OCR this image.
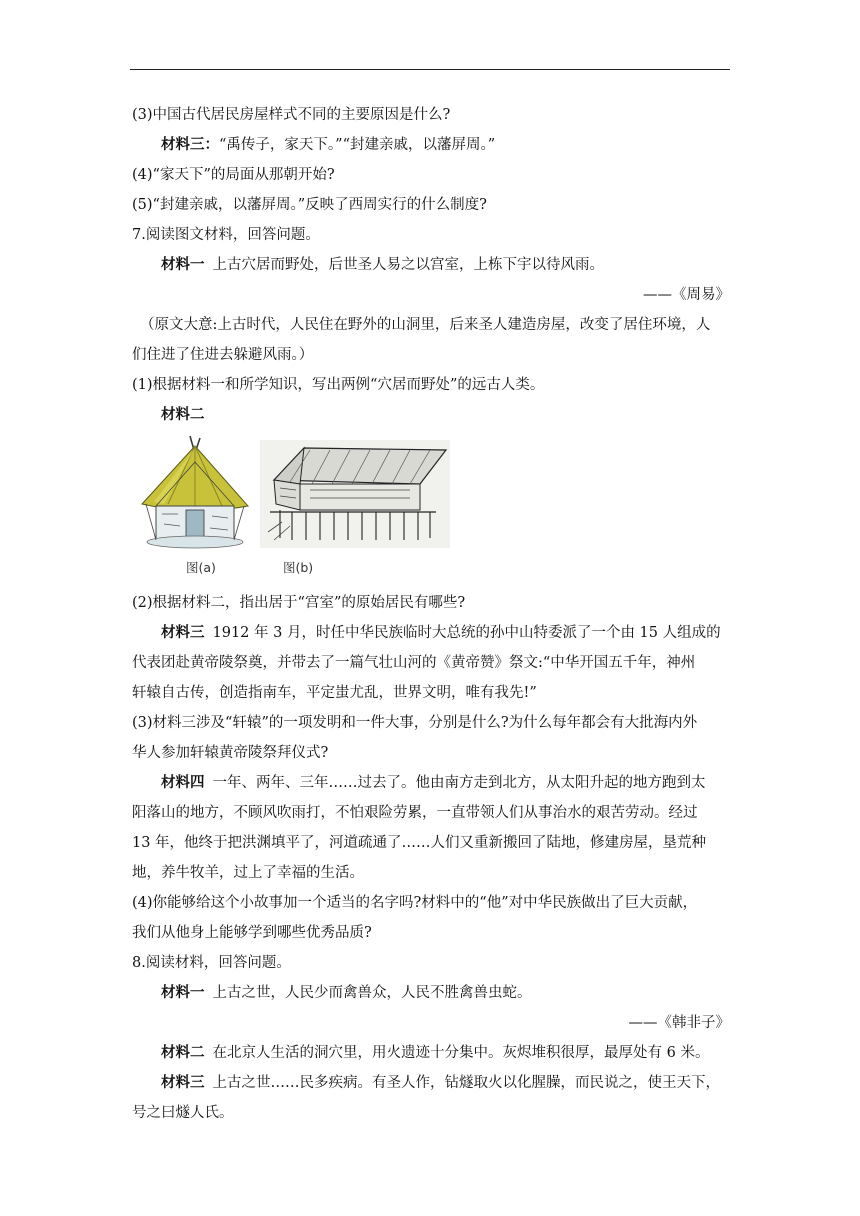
(3)中国古代居民房屋样式不同的主要原因是什么?
材料三：“禹传子，家天下。”“封建亲戚，以藩屏周。”
(4)“家天下”的局面从那朝开始?
(5)“封建亲戚，以藩屏周。”反映了西周实行的什么制度?
7.阅读图文材料，回答问题。
材料一 上古穴居而野处，后世圣人易之以宫室，上栋下宇以待风雨。
——《周易》
（原文大意:上古时代，人民住在野外的山洞里，后来圣人建造房屋，改变了居住环境，人
们住进了住进去躲避风雨。）
(1)根据材料一和所学知识，写出两例“穴居而野处”的远古人类。
材料二
图(a)	图(b)
(2)根据材料二，指出居于“宫室”的原始居民有哪些?
材料三 1912 年 3 月，时任中华民族临时大总统的孙中山特委派了一个由 15 人组成的
代表团赴黄帝陵祭奠，并带去了一篇气壮山河的《黄帝赞》祭文:“中华开国五千年，神州
轩辕自古传，创造指南车，平定蚩尤乱，世界文明，唯有我先!”
(3)材料三涉及“轩辕”的一项发明和一件大事，分别是什么?为什么每年都会有大批海内外
华人参加轩辕黄帝陵祭拜仪式?
材料四 一年、两年、三年……过去了。他由南方走到北方，从太阳升起的地方跑到太
阳落山的地方，不顾风吹雨打，不怕艰险劳累，一直带领人们从事治水的艰苦劳动。经过
13 年，他终于把洪渊填平了，河道疏通了……人们又重新搬回了陆地，修建房屋，垦荒种
地，养牛牧羊，过上了幸福的生活。
(4)你能够给这个小故事加一个适当的名字吗?材料中的“他”对中华民族做出了巨大贡献，
我们从他身上能够学到哪些优秀品质?
8.阅读材料，回答问题。
材料一 上古之世，人民少而禽兽众，人民不胜禽兽虫蛇。
——《韩非子》
材料二 在北京人生活的洞穴里，用火遗迹十分集中。灰烬堆积很厚，最厚处有 6 米。
材料三 上古之世……民多疾病。有圣人作，钻燧取火以化腥臊，而民说之，使王天下，
号之曰燧人氏。
